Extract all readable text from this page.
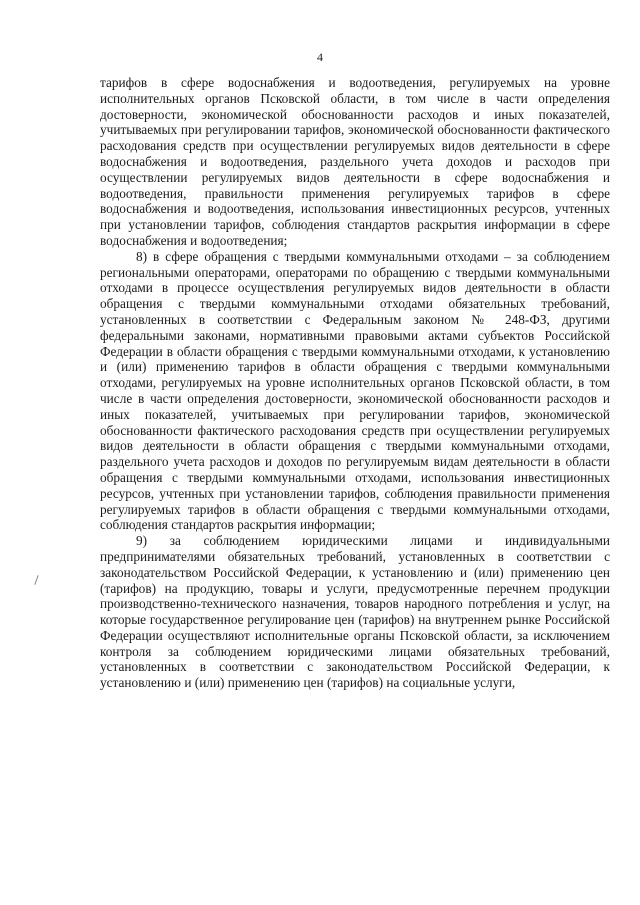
4

тарифов в сфере водоснабжения и водоотведения, регулируемых на уровне исполнительных органов Псковской области, в том числе в части определения достоверности, экономической обоснованности расходов и иных показателей, учитываемых при регулировании тарифов, экономической обоснованности фактического расходования средств при осуществлении регулируемых видов деятельности в сфере водоснабжения и водоотведения, раздельного учета доходов и расходов при осуществлении регулируемых видов деятельности в сфере водоснабжения и водоотведения, правильности применения регулируемых тарифов в сфере водоснабжения и водоотведения, использования инвестиционных ресурсов, учтенных при установлении тарифов, соблюдения стандартов раскрытия информации в сфере водоснабжения и водоотведения;

8) в сфере обращения с твердыми коммунальными отходами – за соблюдением региональными операторами, операторами по обращению с твердыми коммунальными отходами в процессе осуществления регулируемых видов деятельности в области обращения с твердыми коммунальными отходами обязательных требований, установленных в соответствии с Федеральным законом № 248-ФЗ, другими федеральными законами, нормативными правовыми актами субъектов Российской Федерации в области обращения с твердыми коммунальными отходами, к установлению и (или) применению тарифов в области обращения с твердыми коммунальными отходами, регулируемых на уровне исполнительных органов Псковской области, в том числе в части определения достоверности, экономической обоснованности расходов и иных показателей, учитываемых при регулировании тарифов, экономической обоснованности фактического расходования средств при осуществлении регулируемых видов деятельности в области обращения с твердыми коммунальными отходами, раздельного учета расходов и доходов по регулируемым видам деятельности в области обращения с твердыми коммунальными отходами, использования инвестиционных ресурсов, учтенных при установлении тарифов, соблюдения правильности применения регулируемых тарифов в области обращения с твердыми коммунальными отходами, соблюдения стандартов раскрытия информации;

9) за соблюдением юридическими лицами и индивидуальными предпринимателями обязательных требований, установленных в соответствии с законодательством Российской Федерации, к установлению и (или) применению цен (тарифов) на продукцию, товары и услуги, предусмотренные перечнем продукции производственно-технического назначения, товаров народного потребления и услуг, на которые государственное регулирование цен (тарифов) на внутреннем рынке Российской Федерации осуществляют исполнительные органы Псковской области, за исключением контроля за соблюдением юридическими лицами обязательных требований, установленных в соответствии с законодательством Российской Федерации, к установлению и (или) применению цен (тарифов) на социальные услуги,
